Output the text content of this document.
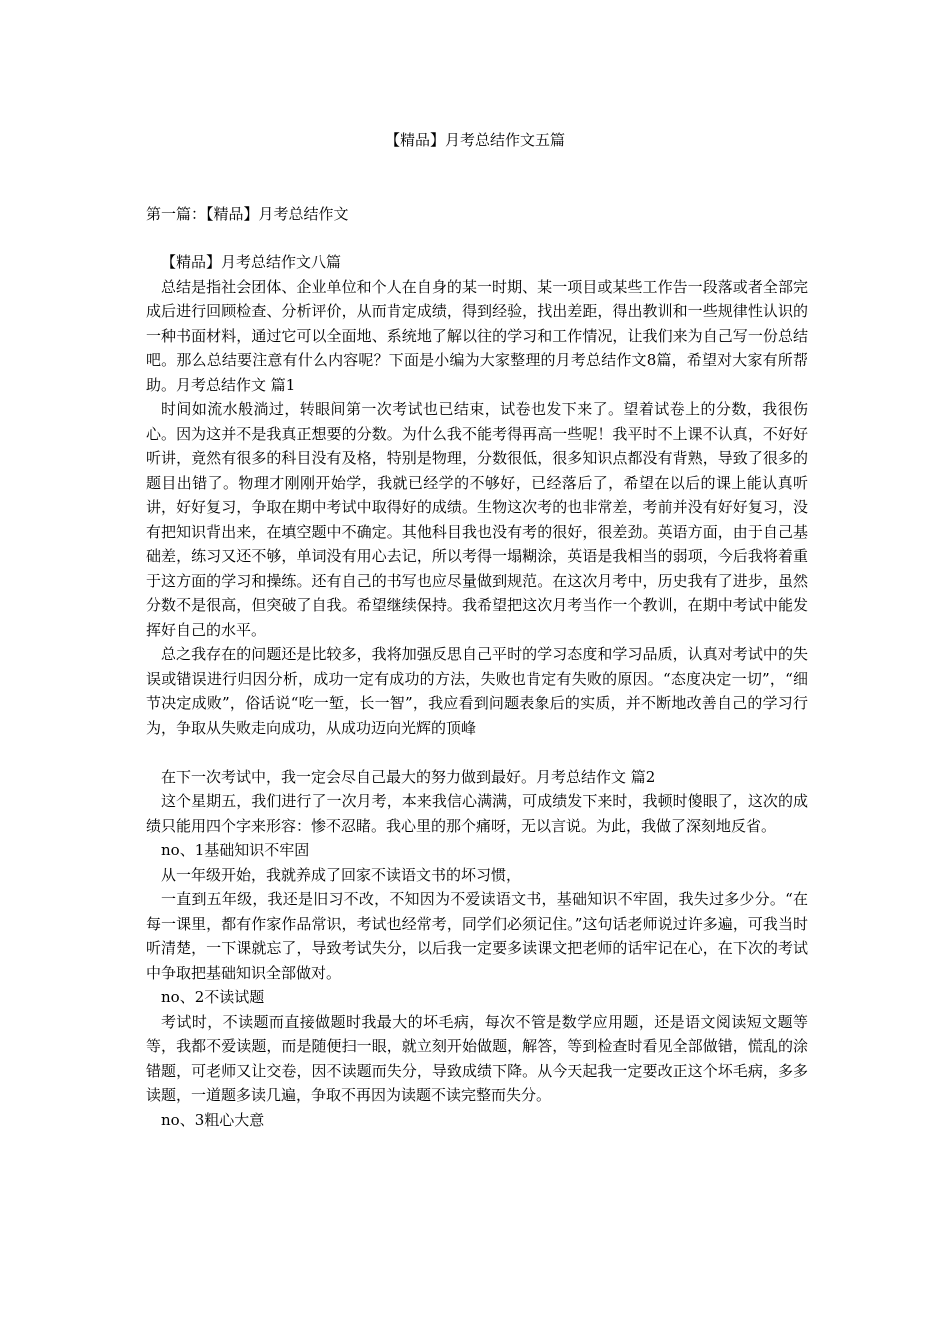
【精品】月考总结作文五篇
第一篇：【精品】月考总结作文

【精品】月考总结作文八篇

总结是指社会团体、企业单位和个人在自身的某一时期、某一项目或某些工作告一段落或者全部完成后进行回顾检查、分析评价，从而肯定成绩，得到经验，找出差距，得出教训和一些规律性认识的一种书面材料，通过它可以全面地、系统地了解以往的学习和工作情况，让我们来为自己写一份总结吧。那么总结要注意有什么内容呢？下面是小编为大家整理的月考总结作文8篇，希望对大家有所帮助。月考总结作文 篇1

时间如流水般淌过，转眼间第一次考试也已结束，试卷也发下来了。望着试卷上的分数，我很伤心。因为这并不是我真正想要的分数。为什么我不能考得再高一些呢！我平时不上课不认真，不好好听讲，竟然有很多的科目没有及格，特别是物理，分数很低，很多知识点都没有背熟，导致了很多的题目出错了。物理才刚刚开始学，我就已经学的不够好，已经落后了，希望在以后的课上能认真听讲，好好复习，争取在期中考试中取得好的成绩。生物这次考的也非常差，考前并没有好好复习，没有把知识背出来，在填空题中不确定。其他科目我也没有考的很好，很差劲。英语方面，由于自己基础差，练习又还不够，单词没有用心去记，所以考得一塌糊涂，英语是我相当的弱项，今后我将着重于这方面的学习和操练。还有自己的书写也应尽量做到规范。在这次月考中，历史我有了进步，虽然分数不是很高，但突破了自我。希望继续保持。我希望把这次月考当作一个教训，在期中考试中能发挥好自己的水平。

总之我存在的问题还是比较多，我将加强反思自己平时的学习态度和学习品质，认真对考试中的失误或错误进行归因分析，成功一定有成功的方法，失败也肯定有失败的原因。“态度决定一切”，“细节决定成败”，俗话说“吃一堑，长一智”，我应看到问题表象后的实质，并不断地改善自己的学习行为，争取从失败走向成功，从成功迈向光辉的顶峰

在下一次考试中，我一定会尽自己最大的努力做到最好。月考总结作文 篇2

这个星期五，我们进行了一次月考，本来我信心满满，可成绩发下来时，我顿时傻眼了，这次的成绩只能用四个字来形容：惨不忍睹。我心里的那个痛呀，无以言说。为此，我做了深刻地反省。

no、1基础知识不牢固

从一年级开始，我就养成了回家不读语文书的坏习惯，

一直到五年级，我还是旧习不改，不知因为不爱读语文书，基础知识不牢固，我失过多少分。“在每一课里，都有作家作品常识，考试也经常考，同学们必须记住。”这句话老师说过许多遍，可我当时听清楚，一下课就忘了，导致考试失分，以后我一定要多读课文把老师的话牢记在心，在下次的考试中争取把基础知识全部做对。

no、2不读试题

考试时，不读题而直接做题时我最大的坏毛病，每次不管是数学应用题，还是语文阅读短文题等等，我都不爱读题，而是随便扫一眼，就立刻开始做题，解答，等到检查时看见全部做错，慌乱的涂错题，可老师又让交卷，因不读题而失分，导致成绩下降。从今天起我一定要改正这个坏毛病，多多读题，一道题多读几遍，争取不再因为读题不读完整而失分。

no、3粗心大意
